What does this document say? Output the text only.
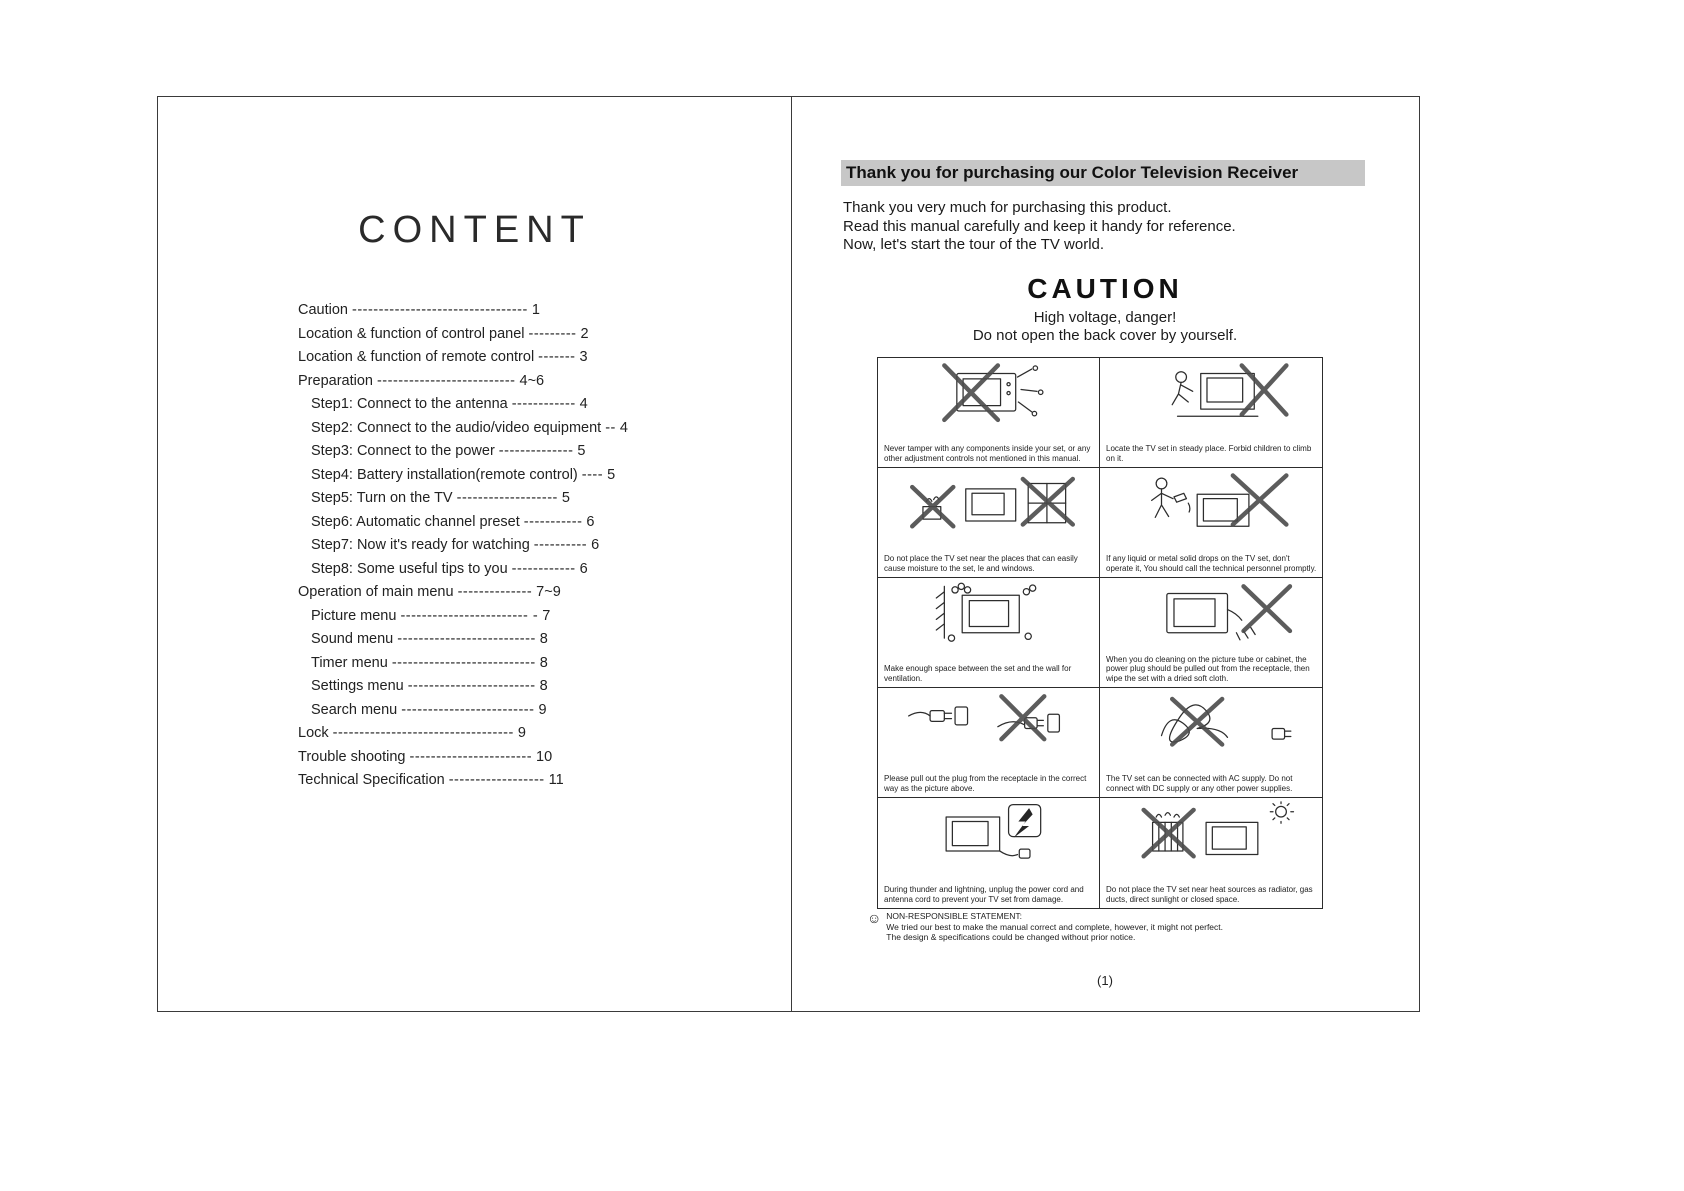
CONTENT
Caution --------------------------------- 1
Location & function of control panel --------- 2
Location & function of remote control ------- 3
Preparation -------------------------- 4~6
Step1: Connect to the antenna ------------ 4
Step2: Connect to the audio/video equipment -- 4
Step3: Connect to the power -------------- 5
Step4: Battery installation(remote control) ---- 5
Step5: Turn on the TV ------------------- 5
Step6: Automatic channel preset ----------- 6
Step7: Now it's ready for watching ---------- 6
Step8: Some useful tips to you ------------ 6
Operation of main menu -------------- 7~9
Picture menu ------------------------ - 7
Sound menu -------------------------- 8
Timer menu --------------------------- 8
Settings menu ------------------------ 8
Search menu ------------------------- 9
Lock ---------------------------------- 9
Trouble shooting ----------------------- 10
Technical Specification ------------------ 11
Thank you for purchasing our Color Television Receiver
Thank you very much for purchasing this product.
Read this manual carefully and keep it handy for reference.
Now, let's start the tour of the TV world.
CAUTION
High voltage, danger!
Do not open the back cover by yourself.
Never tamper with any components inside your set, or any other adjustment controls not mentioned in this manual.
Locate the TV set in steady place. Forbid children to climb on it.
Do not place the TV set near the places that can easily cause moisture to the set, le and windows.
If any liquid or metal solid drops on the TV set, don't operate it, You should call the technical personnel promptly.
Make enough space between the set and the wall for ventilation.
When you do cleaning on the picture tube or cabinet, the power plug should be pulled out from the receptacle, then wipe the set with a dried soft cloth.
Please pull out the plug from the receptacle in the correct way as the picture above.
The TV set can be connected with AC supply. Do not connect with DC supply or any other power supplies.
During thunder and lightning, unplug the power cord and antenna cord to prevent your TV set from damage.
Do not place the TV set near heat sources as radiator, gas ducts, direct sunlight or closed space.
☺ NON-RESPONSIBLE STATEMENT:
We tried our best to make the manual correct and complete, however, it might not perfect.
The design & specifications could be changed without prior notice.
(1)
